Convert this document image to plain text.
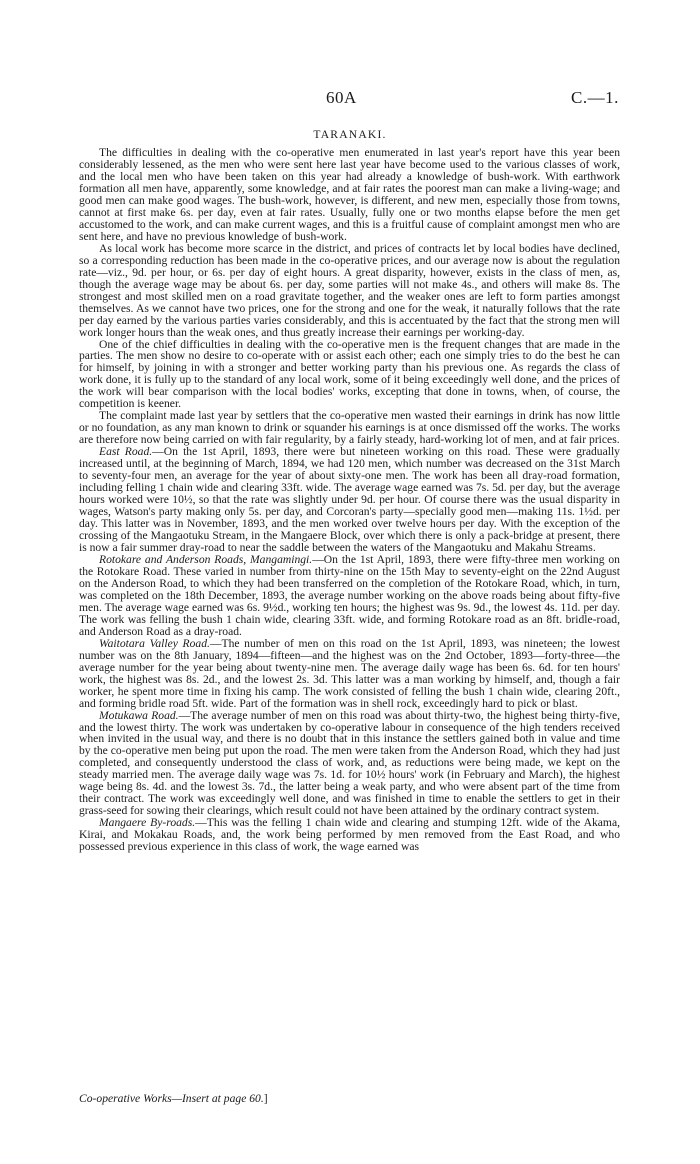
60A	C.—1.
TARANAKI.

The difficulties in dealing with the co-operative men enumerated in last year's report have this year been considerably lessened, as the men who were sent here last year have become used to the various classes of work, and the local men who have been taken on this year had already a knowledge of bush-work. With earthwork formation all men have, apparently, some knowledge, and at fair rates the poorest man can make a living-wage; and good men can make good wages. The bush-work, however, is different, and new men, especially those from towns, cannot at first make 6s. per day, even at fair rates. Usually, fully one or two months elapse before the men get accustomed to the work, and can make current wages, and this is a fruitful cause of complaint amongst men who are sent here, and have no previous knowledge of bush-work.

As local work has become more scarce in the district, and prices of contracts let by local bodies have declined, so a corresponding reduction has been made in the co-operative prices, and our average now is about the regulation rate—viz., 9d. per hour, or 6s. per day of eight hours. A great disparity, however, exists in the class of men, as, though the average wage may be about 6s. per day, some parties will not make 4s., and others will make 8s. The strongest and most skilled men on a road gravitate together, and the weaker ones are left to form parties amongst themselves. As we cannot have two prices, one for the strong and one for the weak, it naturally follows that the rate per day earned by the various parties varies considerably, and this is accentuated by the fact that the strong men will work longer hours than the weak ones, and thus greatly increase their earnings per working-day.

One of the chief difficulties in dealing with the co-operative men is the frequent changes that are made in the parties. The men show no desire to co-operate with or assist each other; each one simply tries to do the best he can for himself, by joining in with a stronger and better working party than his previous one. As regards the class of work done, it is fully up to the standard of any local work, some of it being exceedingly well done, and the prices of the work will bear comparison with the local bodies' works, excepting that done in towns, when, of course, the competition is keener.

The complaint made last year by settlers that the co-operative men wasted their earnings in drink has now little or no foundation, as any man known to drink or squander his earnings is at once dismissed off the works. The works are therefore now being carried on with fair regularity, by a fairly steady, hard-working lot of men, and at fair prices.

East Road.—On the 1st April, 1893, there were but nineteen working on this road. These were gradually increased until, at the beginning of March, 1894, we had 120 men, which number was decreased on the 31st March to seventy-four men, an average for the year of about sixty-one men. The work has been all dray-road formation, including felling 1 chain wide and clearing 33ft. wide. The average wage earned was 7s. 5d. per day, but the average hours worked were 10½, so that the rate was slightly under 9d. per hour. Of course there was the usual disparity in wages, Watson's party making only 5s. per day, and Corcoran's party—specially good men—making 11s. 1½d. per day. This latter was in November, 1893, and the men worked over twelve hours per day. With the exception of the crossing of the Mangaotuku Stream, in the Mangaere Block, over which there is only a pack-bridge at present, there is now a fair summer dray-road to near the saddle between the waters of the Mangaotuku and Makahu Streams.

Rotokare and Anderson Roads, Mangamingi.—On the 1st April, 1893, there were fifty-three men working on the Rotokare Road. These varied in number from thirty-nine on the 15th May to seventy-eight on the 22nd August on the Anderson Road, to which they had been transferred on the completion of the Rotokare Road, which, in turn, was completed on the 18th December, 1893, the average number working on the above roads being about fifty-five men. The average wage earned was 6s. 9½d., working ten hours; the highest was 9s. 9d., the lowest 4s. 11d. per day. The work was felling the bush 1 chain wide, clearing 33ft. wide, and forming Rotokare road as an 8ft. bridle-road, and Anderson Road as a dray-road.

Waitotara Valley Road.—The number of men on this road on the 1st April, 1893, was nineteen; the lowest number was on the 8th January, 1894—fifteen—and the highest was on the 2nd October, 1893—forty-three—the average number for the year being about twenty-nine men. The average daily wage has been 6s. 6d. for ten hours' work, the highest was 8s. 2d., and the lowest 2s. 3d. This latter was a man working by himself, and, though a fair worker, he spent more time in fixing his camp. The work consisted of felling the bush 1 chain wide, clearing 20ft., and forming bridle road 5ft. wide. Part of the formation was in shell rock, exceedingly hard to pick or blast.

Motukawa Road.—The average number of men on this road was about thirty-two, the highest being thirty-five, and the lowest thirty. The work was undertaken by co-operative labour in consequence of the high tenders received when invited in the usual way, and there is no doubt that in this instance the settlers gained both in value and time by the co-operative men being put upon the road. The men were taken from the Anderson Road, which they had just completed, and consequently understood the class of work, and, as reductions were being made, we kept on the steady married men. The average daily wage was 7s. 1d. for 10½ hours' work (in February and March), the highest wage being 8s. 4d. and the lowest 3s. 7d., the latter being a weak party, and who were absent part of the time from their contract. The work was exceedingly well done, and was finished in time to enable the settlers to get in their grass-seed for sowing their clearings, which result could not have been attained by the ordinary contract system.

Mangaere By-roads.—This was the felling 1 chain wide and clearing and stumping 12ft. wide of the Akama, Kirai, and Mokakau Roads, and, the work being performed by men removed from the East Road, and who possessed previous experience in this class of work, the wage earned was

Co-operative Works—Insert at page 60.]
